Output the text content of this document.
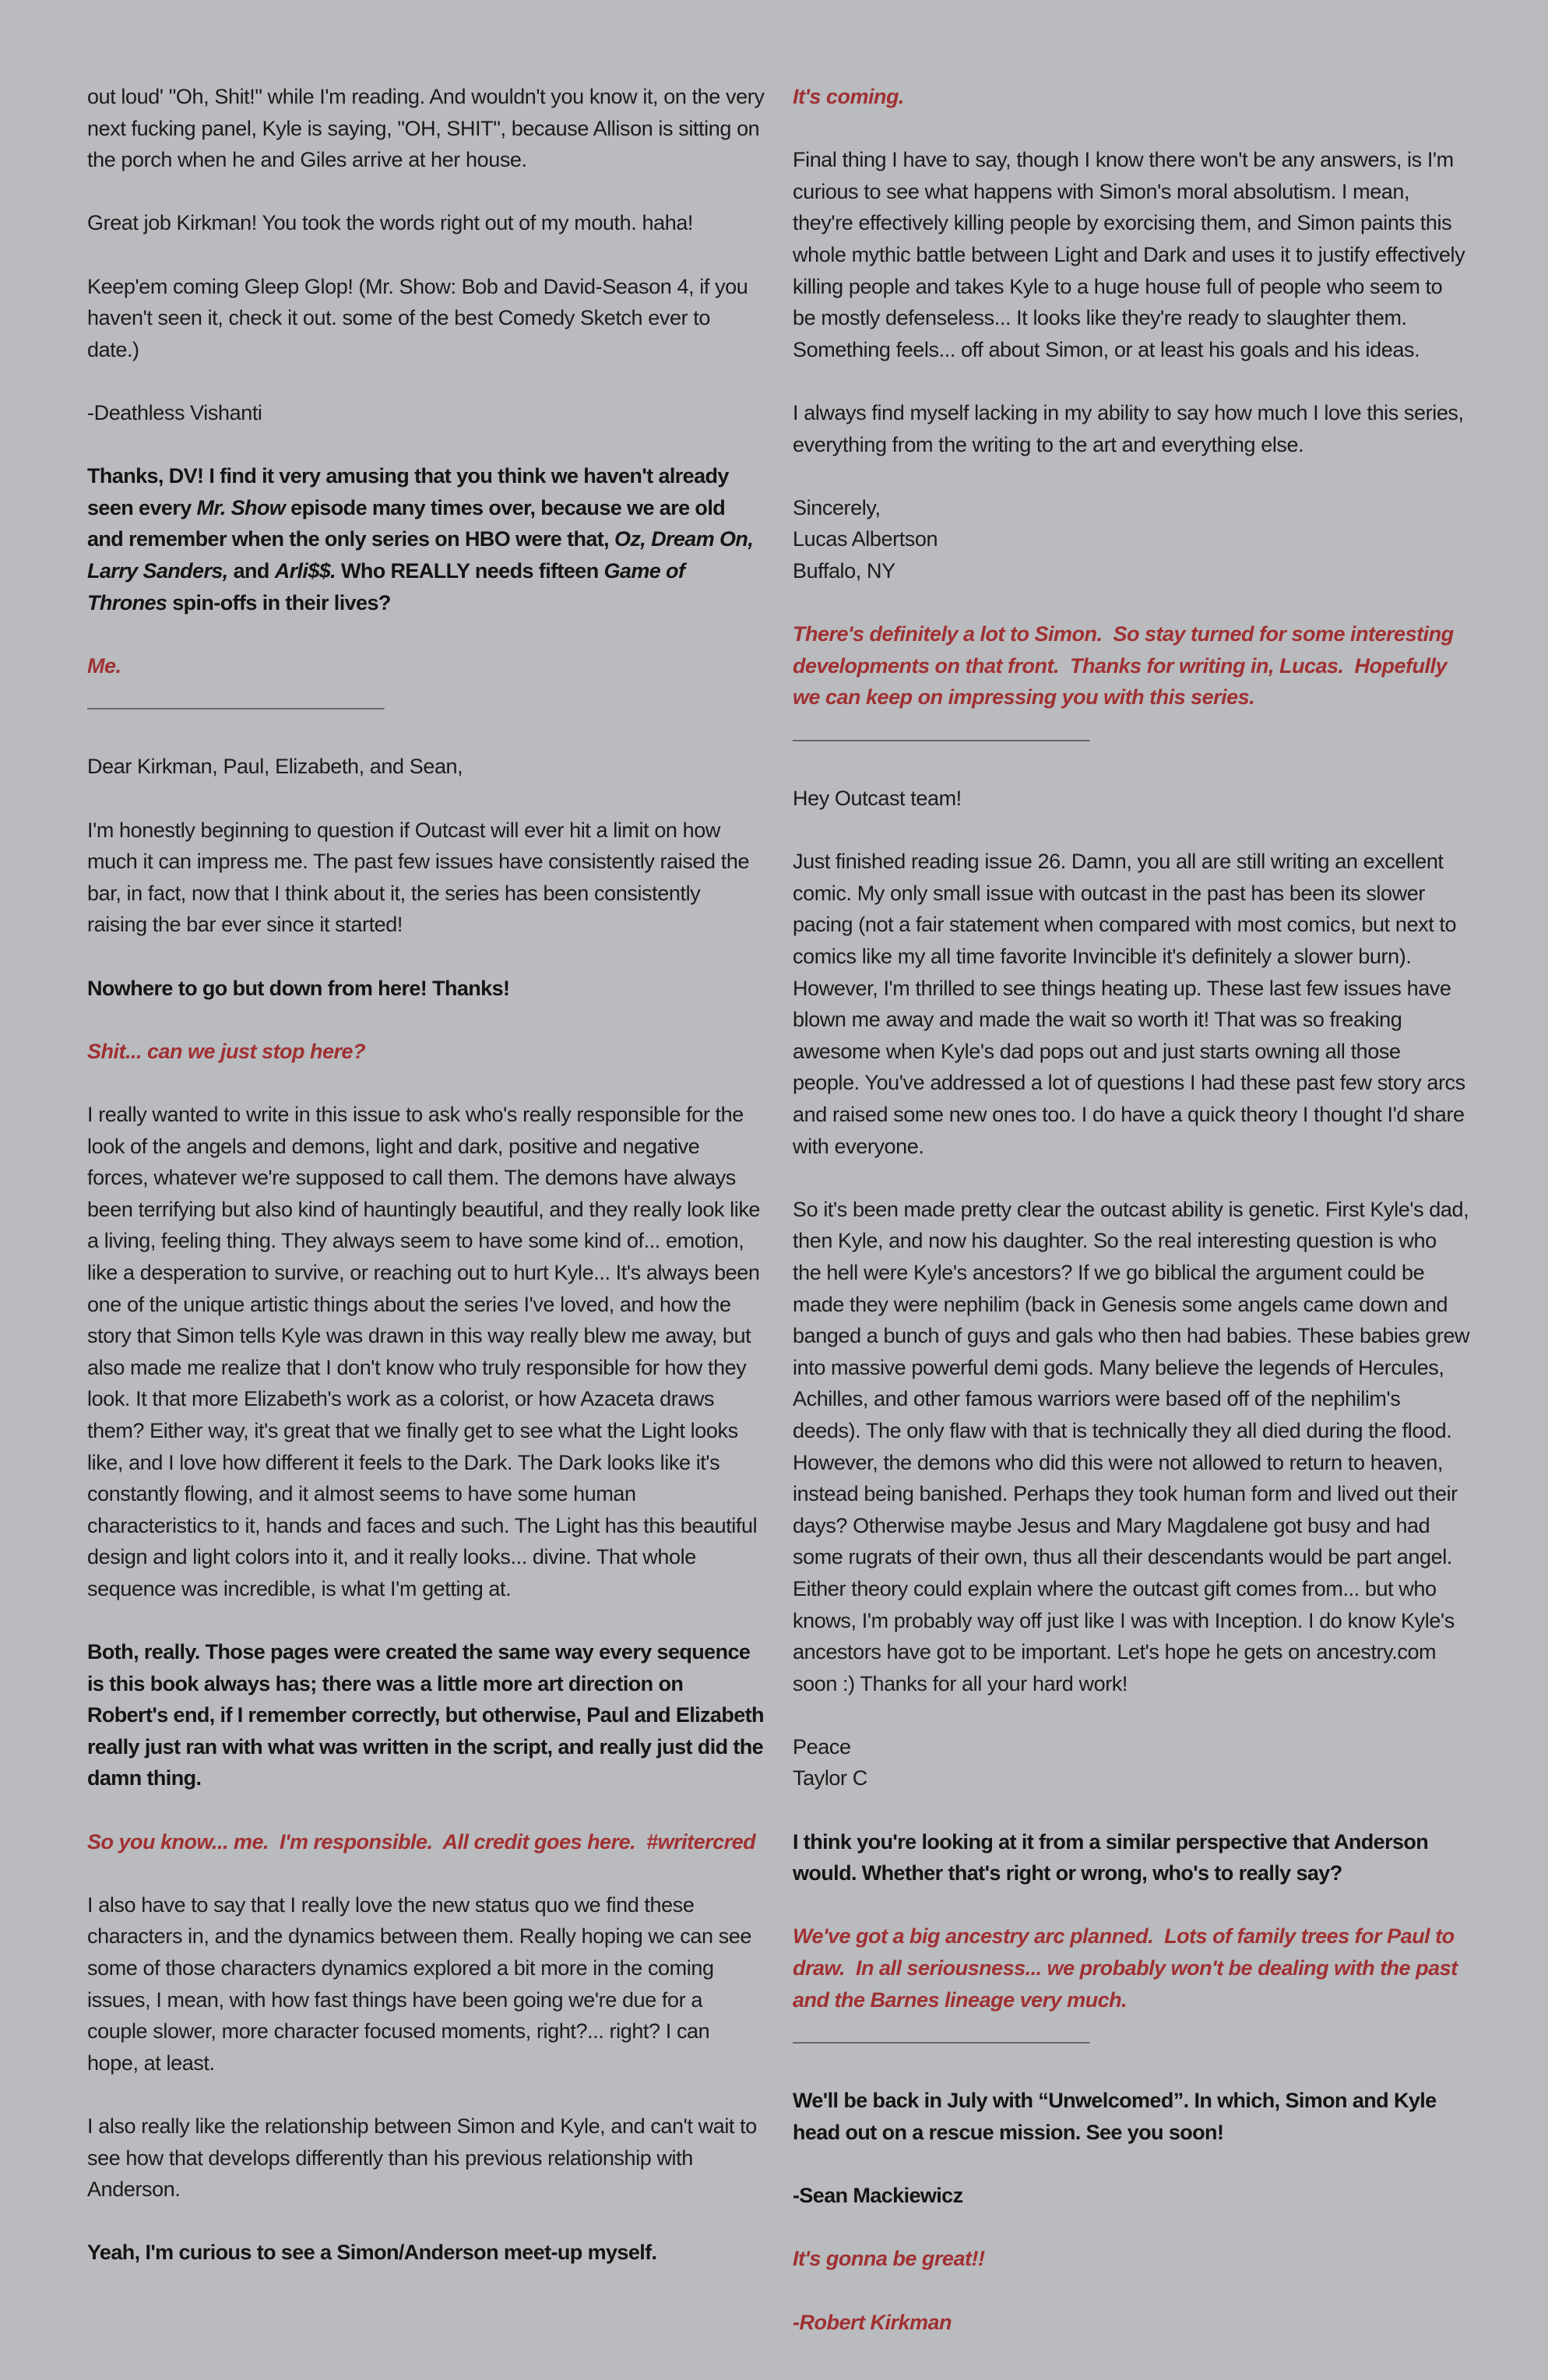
out loud' "Oh, Shit!" while I'm reading. And wouldn't you know it, on the very next fucking panel, Kyle is saying, "OH, SHIT", because Allison is sitting on the porch when he and Giles arrive at her house.
Great job Kirkman! You took the words right out of my mouth. haha!
Keep'em coming Gleep Glop! (Mr. Show: Bob and David-Season 4, if you haven't seen it, check it out. some of the best Comedy Sketch ever to date.)
-Deathless Vishanti
Thanks, DV! I find it very amusing that you think we haven't already seen every Mr. Show episode many times over, because we are old and remember when the only series on HBO were that, Oz, Dream On, Larry Sanders, and Arli$$. Who REALLY needs fifteen Game of Thrones spin-offs in their lives?
Me.
______________________________
Dear Kirkman, Paul, Elizabeth, and Sean,
I'm honestly beginning to question if Outcast will ever hit a limit on how much it can impress me. The past few issues have consistently raised the bar, in fact, now that I think about it, the series has been consistently raising the bar ever since it started!
Nowhere to go but down from here! Thanks!
Shit... can we just stop here?
I really wanted to write in this issue to ask who's really responsible for the look of the angels and demons, light and dark, positive and negative forces, whatever we're supposed to call them. The demons have always been terrifying but also kind of hauntingly beautiful, and they really look like a living, feeling thing. They always seem to have some kind of... emotion, like a desperation to survive, or reaching out to hurt Kyle... It's always been one of the unique artistic things about the series I've loved, and how the story that Simon tells Kyle was drawn in this way really blew me away, but also made me realize that I don't know who truly responsible for how they look. It that more Elizabeth's work as a colorist, or how Azaceta draws them? Either way, it's great that we finally get to see what the Light looks like, and I love how different it feels to the Dark. The Dark looks like it's constantly flowing, and it almost seems to have some human characteristics to it, hands and faces and such. The Light has this beautiful design and light colors into it, and it really looks... divine. That whole sequence was incredible, is what I'm getting at.
Both, really. Those pages were created the same way every sequence is this book always has; there was a little more art direction on Robert's end, if I remember correctly, but otherwise, Paul and Elizabeth really just ran with what was written in the script, and really just did the damn thing.
So you know... me.  I'm responsible.  All credit goes here.  #writercred
I also have to say that I really love the new status quo we find these characters in, and the dynamics between them. Really hoping we can see some of those characters dynamics explored a bit more in the coming issues, I mean, with how fast things have been going we're due for a couple slower, more character focused moments, right?... right? I can hope, at least.
I also really like the relationship between Simon and Kyle, and can't wait to see how that develops differently than his previous relationship with Anderson.
Yeah, I'm curious to see a Simon/Anderson meet-up myself.
It's coming.
Final thing I have to say, though I know there won't be any answers, is I'm curious to see what happens with Simon's moral absolutism. I mean, they're effectively killing people by exorcising them, and Simon paints this whole mythic battle between Light and Dark and uses it to justify effectively killing people and takes Kyle to a huge house full of people who seem to be mostly defenseless... It looks like they're ready to slaughter them. Something feels... off about Simon, or at least his goals and his ideas.
I always find myself lacking in my ability to say how much I love this series, everything from the writing to the art and everything else.
Sincerely,
Lucas Albertson
Buffalo, NY
There's definitely a lot to Simon.  So stay turned for some interesting developments on that front.  Thanks for writing in, Lucas.  Hopefully we can keep on impressing you with this series.
______________________________
Hey Outcast team!
Just finished reading issue 26. Damn, you all are still writing an excellent comic. My only small issue with outcast in the past has been its slower pacing (not a fair statement when compared with most comics, but next to comics like my all time favorite Invincible it's definitely a slower burn). However, I'm thrilled to see things heating up. These last few issues have blown me away and made the wait so worth it! That was so freaking awesome when Kyle's dad pops out and just starts owning all those people. You've addressed a lot of questions I had these past few story arcs and raised some new ones too. I do have a quick theory I thought I'd share with everyone.
So it's been made pretty clear the outcast ability is genetic. First Kyle's dad, then Kyle, and now his daughter. So the real interesting question is who the hell were Kyle's ancestors? If we go biblical the argument could be made they were nephilim (back in Genesis some angels came down and banged a bunch of guys and gals who then had babies. These babies grew into massive powerful demi gods. Many believe the legends of Hercules, Achilles, and other famous warriors were based off of the nephilim's deeds). The only flaw with that is technically they all died during the flood. However, the demons who did this were not allowed to return to heaven, instead being banished. Perhaps they took human form and lived out their days? Otherwise maybe Jesus and Mary Magdalene got busy and had some rugrats of their own, thus all their descendants would be part angel. Either theory could explain where the outcast gift comes from... but who knows, I'm probably way off just like I was with Inception. I do know Kyle's ancestors have got to be important. Let's hope he gets on ancestry.com soon :) Thanks for all your hard work!
Peace
Taylor C
I think you're looking at it from a similar perspective that Anderson would. Whether that's right or wrong, who's to really say?
We've got a big ancestry arc planned.  Lots of family trees for Paul to draw.  In all seriousness... we probably won't be dealing with the past and the Barnes lineage very much.
______________________________
We'll be back in July with “Unwelcomed”. In which, Simon and Kyle head out on a rescue mission. See you soon!
-Sean Mackiewicz
It's gonna be great!!
-Robert Kirkman
